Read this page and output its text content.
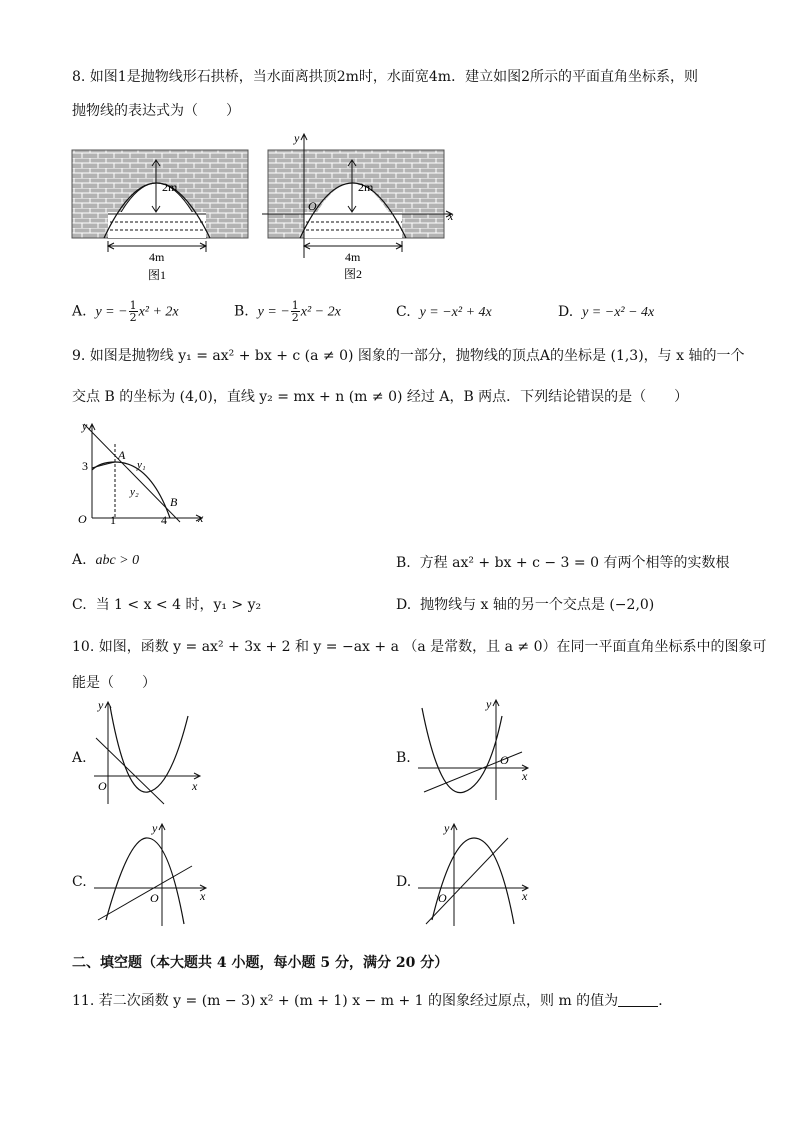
8. 如图1是抛物线形石拱桥，当水面离拱顶2m时，水面宽4m．建立如图2所示的平面直角坐标系，则
抛物线的表达式为（　　）
2m
4m
图1
2m
y
x
O
4m
图2
A. y = − $\frac{1}{2} x^2 + 2x$	B. y = − $\frac{1}{2} x^2 - 2x$	C. y = −x² + 4x	D. y = −x² − 4x
9. 如图是抛物线 y₁ = ax² + bx + c (a ≠ 0) 图象的一部分，抛物线的顶点A的坐标是 (1,3)，与 x 轴的一个
交点 B 的坐标为 (4,0)，直线 y₂ = mx + n (m ≠ 0) 经过 A，B 两点．下列结论错误的是（　　）
y
x
O
3
1	4
A
B
y₁
y₂
A. abc > 0	B. 方程 ax² + bx + c − 3 = 0 有两个相等的实数根
C. 当 1 < x < 4 时，y₁ > y₂	D. 抛物线与 x 轴的另一个交点是 (−2,0)
10. 如图，函数 y = ax² + 3x + 2 和 y = −ax + a （a 是常数，且 a ≠ 0）在同一平面直角坐标系中的图象可
能是（　　）
A.
y
x
O
B.
y
x
O
C.
y
x
O
D.
y
x
O
二、填空题（本大题共 4 小题，每小题 5 分，满分 20 分）
11. 若二次函数 y = (m − 3) x² + (m + 1) x − m + 1 的图象经过原点，则 m 的值为	．
